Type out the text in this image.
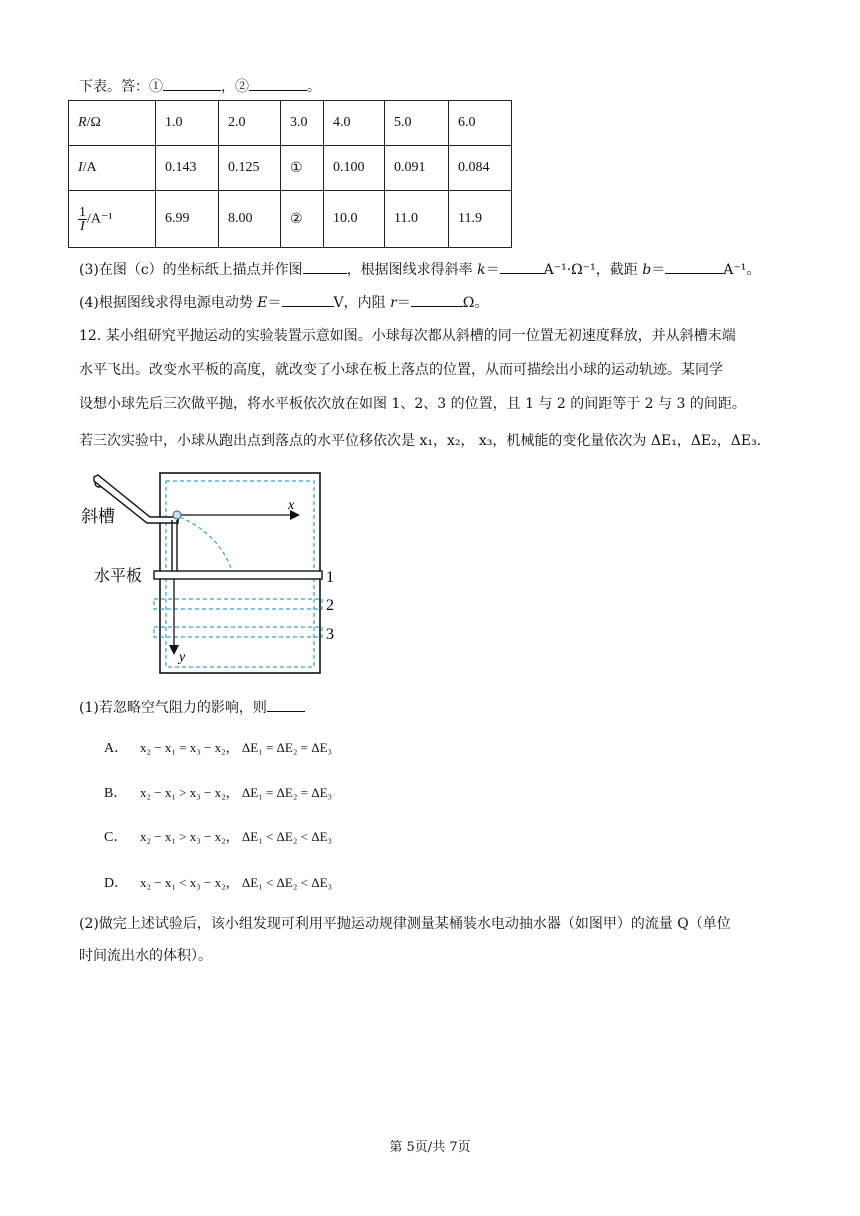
下表。答：①	，②	。
R/Ω	1.0	2.0	3.0	4.0	5.0	6.0
I/A	0.143	0.125	①	0.100	0.091	0.084

$\frac{1}{I} /A^{-1}$	6.99	8.00	②	10.0	11.0	11.9
(3)在图（c）的坐标纸上描点并作图	，根据图线求得斜率 k＝	A⁻¹·Ω⁻¹，截距 b＝	A⁻¹。
(4)根据图线求得电源电动势 E＝	V，内阻 r＝	Ω。
12. 某小组研究平抛运动的实验装置示意如图。小球每次都从斜槽的同一位置无初速度释放，并从斜槽末端
水平飞出。改变水平板的高度，就改变了小球在板上落点的位置，从而可描绘出小球的运动轨迹。某同学
设想小球先后三次做平抛，将水平板依次放在如图 1、2、3 的位置，且 1 与 2 的间距等于 2 与 3 的间距。
若三次实验中，小球从跑出点到落点的水平位移依次是 x₁，x₂， x₃，机械能的变化量依次为 ΔE₁，ΔE₂，ΔE₃.
斜槽
水平板
x
y
1
2
3
(1)若忽略空气阻力的影响，则
A． x₂ − x₁ = x₃ − x₂， ΔE₁ = ΔE₂ = ΔE₃
B． x₂ − x₁ > x₃ − x₂， ΔE₁ = ΔE₂ = ΔE₃
C． x₂ − x₁ > x₃ − x₂， ΔE₁ < ΔE₂ < ΔE₃
D． x₂ − x₁ < x₃ − x₂， ΔE₁ < ΔE₂ < ΔE₃
(2)做完上述试验后，该小组发现可利用平抛运动规律测量某桶装水电动抽水器（如图甲）的流量 Q（单位
时间流出水的体积）。
第 5页/共 7页
